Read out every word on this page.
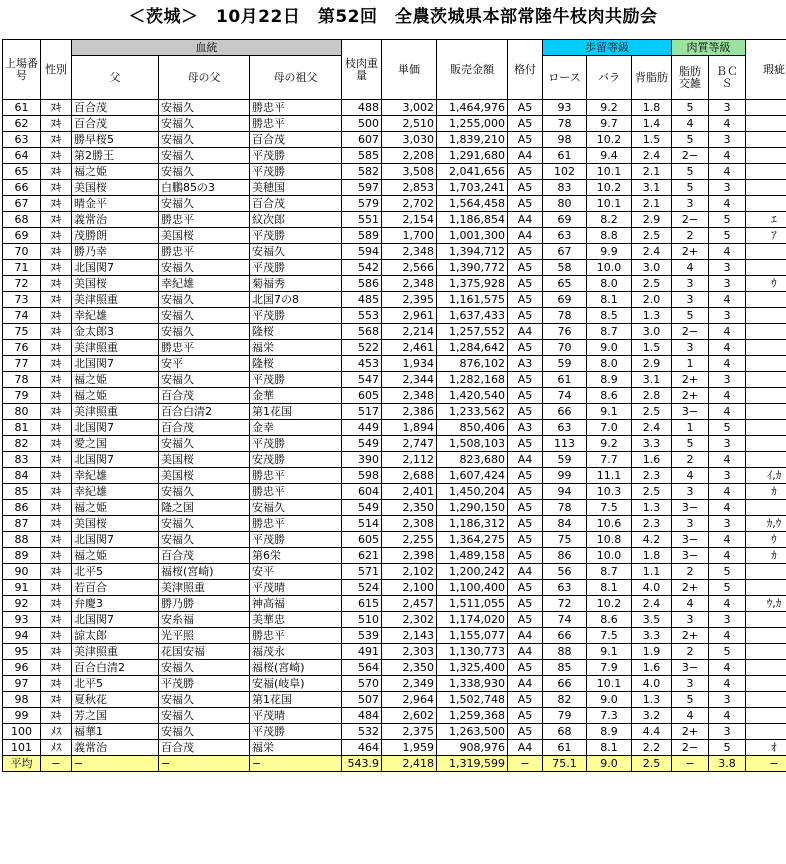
＜茨城＞　10月22日　第52回　全農茨城県本部常陸牛枝肉共励会
上場番号	性別	血統			枝肉重量	単価	販売金額	格付	歩留等級			肉質等級		瑕疵
		父	母の父	母の祖父					ロース	バラ	背脂肪	脂肪交雑	ＢＣＳ	
61	ﾇｷ	百合茂	安福久	勝忠平	488	3,002	1,464,976	A5	93	9.2	1.8	5	3	
62	ﾇｷ	百合茂	安福久	勝忠平	500	2,510	1,255,000	A5	78	9.7	1.4	4	4	
63	ﾇｷ	勝早桜5	安福久	百合茂	607	3,030	1,839,210	A5	98	10.2	1.5	5	3	
64	ﾇｷ	第2勝王	安福久	平茂勝	585	2,208	1,291,680	A4	61	9.4	2.4	2−	4	
65	ﾇｷ	福之姫	安福久	平茂勝	582	3,508	2,041,656	A5	102	10.1	2.1	5	4	
66	ﾇｷ	美国桜	白鵬85の3	美穂国	597	2,853	1,703,241	A5	83	10.2	3.1	5	3	
67	ﾇｷ	晴金平	安福久	百合茂	579	2,702	1,564,458	A5	80	10.1	2.1	3	4	
68	ﾇｷ	義常治	勝忠平	紋次郎	551	2,154	1,186,854	A4	69	8.2	2.9	2−	5	ｴ
69	ﾇｷ	茂勝朗	美国桜	平茂勝	589	1,700	1,001,300	A4	63	8.8	2.5	2	5	ｱ
70	ﾇｷ	勝乃幸	勝忠平	安福久	594	2,348	1,394,712	A5	67	9.9	2.4	2+	4	
71	ﾇｷ	北国関7	安福久	平茂勝	542	2,566	1,390,772	A5	58	10.0	3.0	4	3	
72	ﾇｷ	美国桜	幸紀雄	菊福秀	586	2,348	1,375,928	A5	65	8.0	2.5	3	3	ｳ
73	ﾇｷ	美津照重	安福久	北国7の8	485	2,395	1,161,575	A5	69	8.1	2.0	3	4	
74	ﾇｷ	幸紀雄	安福久	平茂勝	553	2,961	1,637,433	A5	78	8.5	1.3	5	3	
75	ﾇｷ	金太郎3	安福久	隆桜	568	2,214	1,257,552	A4	76	8.7	3.0	2−	4	
76	ﾇｷ	美津照重	勝忠平	福栄	522	2,461	1,284,642	A5	70	9.0	1.5	3	4	
77	ﾇｷ	北国関7	安平	隆桜	453	1,934	876,102	A3	59	8.0	2.9	1	4	
78	ﾇｷ	福之姫	安福久	平茂勝	547	2,344	1,282,168	A5	61	8.9	3.1	2+	3	
79	ﾇｷ	福之姫	百合茂	金華	605	2,348	1,420,540	A5	74	8.6	2.8	2+	4	
80	ﾇｷ	美津照重	百合白清2	第1花国	517	2,386	1,233,562	A5	66	9.1	2.5	3−	4	
81	ﾇｷ	北国関7	百合茂	金幸	449	1,894	850,406	A3	63	7.0	2.4	1	5	
82	ﾇｷ	愛之国	安福久	平茂勝	549	2,747	1,508,103	A5	113	9.2	3.3	5	3	
83	ﾇｷ	北国関7	美国桜	安茂勝	390	2,112	823,680	A4	59	7.7	1.6	2	4	
84	ﾇｷ	幸紀雄	美国桜	勝忠平	598	2,688	1,607,424	A5	99	11.1	2.3	4	3	ｲ,ｶ
85	ﾇｷ	幸紀雄	安福久	勝忠平	604	2,401	1,450,204	A5	94	10.3	2.5	3	4	ｶ
86	ﾇｷ	福之姫	隆之国	安福久	549	2,350	1,290,150	A5	78	7.5	1.3	3−	4	
87	ﾇｷ	美国桜	安福久	勝忠平	514	2,308	1,186,312	A5	84	10.6	2.3	3	3	ｶ,ｳ
88	ﾇｷ	北国関7	安福久	平茂勝	605	2,255	1,364,275	A5	75	10.8	4.2	3−	4	ｳ
89	ﾇｷ	福之姫	百合茂	第6栄	621	2,398	1,489,158	A5	86	10.0	1.8	3−	4	ｶ
90	ﾇｷ	北平5	福桜(宮崎)	安平	571	2,102	1,200,242	A4	56	8.7	1.1	2	5	
91	ﾇｷ	若百合	美津照重	平茂晴	524	2,100	1,100,400	A5	63	8.1	4.0	2+	5	
92	ﾇｷ	弁慶3	勝乃勝	神高福	615	2,457	1,511,055	A5	72	10.2	2.4	4	4	ｳ,ｶ
93	ﾇｷ	北国関7	安糸福	美華忠	510	2,302	1,174,020	A5	74	8.6	3.5	3	3	
94	ﾇｷ	諒太郎	光平照	勝忠平	539	2,143	1,155,077	A4	66	7.5	3.3	2+	4	
95	ﾇｷ	美津照重	花国安福	福茂永	491	2,303	1,130,773	A4	88	9.1	1.9	2	5	
96	ﾇｷ	百合白清2	安福久	福桜(宮崎)	564	2,350	1,325,400	A5	85	7.9	1.6	3−	4	
97	ﾇｷ	北平5	平茂勝	安福(岐阜)	570	2,349	1,338,930	A4	66	10.1	4.0	3	4	
98	ﾇｷ	夏秋花	安福久	第1花国	507	2,964	1,502,748	A5	82	9.0	1.3	5	3	
99	ﾇｷ	芳之国	安福久	平茂晴	484	2,602	1,259,368	A5	79	7.3	3.2	4	4	
100	ﾒｽ	福華1	安福久	平茂勝	532	2,375	1,263,500	A5	68	8.9	4.4	2+	3	
101	ﾒｽ	義常治	百合茂	福栄	464	1,959	908,976	A4	61	8.1	2.2	2−	5	ｵ
平均	−	−	−	−	543.9	2,418	1,319,599	−	75.1	9.0	2.5	−	3.8	−
